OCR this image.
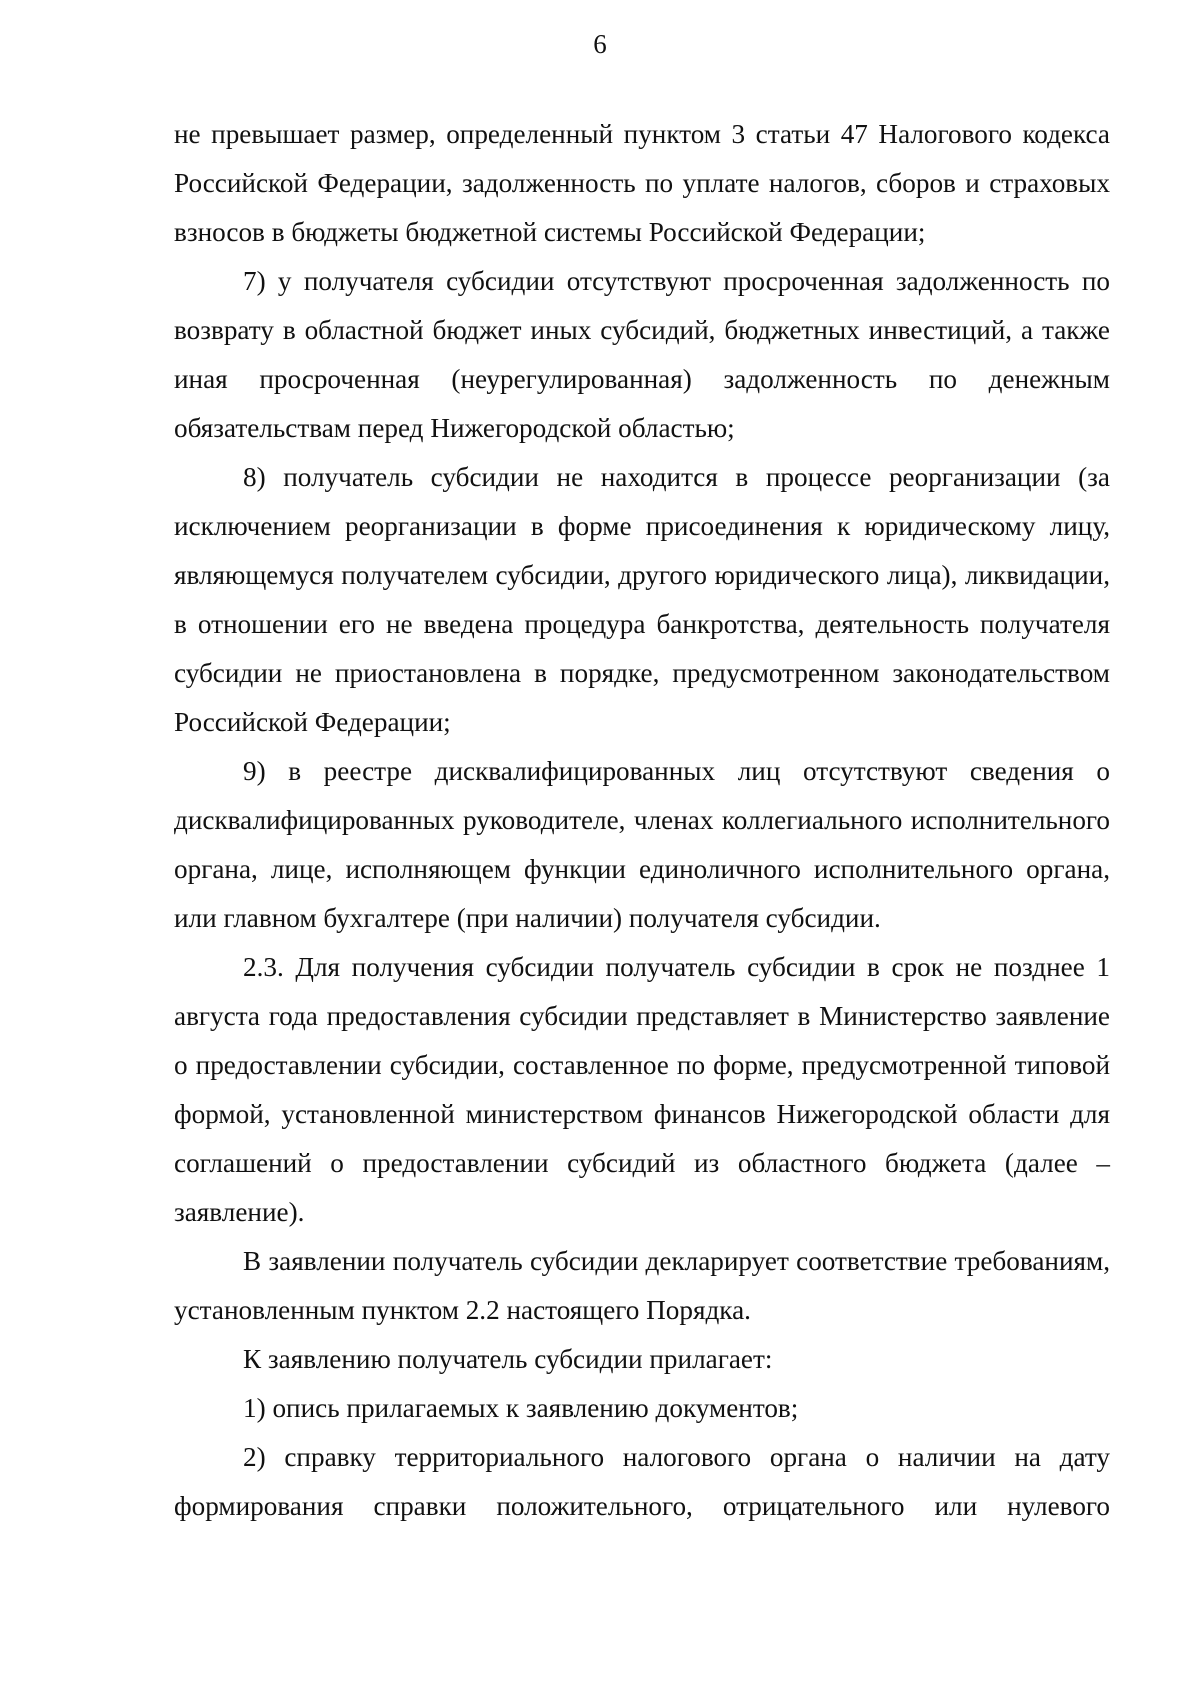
6

не превышает размер, определенный пунктом 3 статьи 47 Налогового кодекса Российской Федерации, задолженность по уплате налогов, сборов и страховых взносов в бюджеты бюджетной системы Российской Федерации;

7) у получателя субсидии отсутствуют просроченная задолженность по возврату в областной бюджет иных субсидий, бюджетных инвестиций, а также иная просроченная (неурегулированная) задолженность по денежным обязательствам перед Нижегородской областью;

8) получатель субсидии не находится в процессе реорганизации (за исключением реорганизации в форме присоединения к юридическому лицу, являющемуся получателем субсидии, другого юридического лица), ликвидации, в отношении его не введена процедура банкротства, деятельность получателя субсидии не приостановлена в порядке, предусмотренном законодательством Российской Федерации;

9) в реестре дисквалифицированных лиц отсутствуют сведения о дисквалифицированных руководителе, членах коллегиального исполнительного органа, лице, исполняющем функции единоличного исполнительного органа, или главном бухгалтере (при наличии) получателя субсидии.

2.3. Для получения субсидии получатель субсидии в срок не позднее 1 августа года предоставления субсидии представляет в Министерство заявление о предоставлении субсидии, составленное по форме, предусмотренной типовой формой, установленной министерством финансов Нижегородской области для соглашений о предоставлении субсидий из областного бюджета (далее – заявление).

В заявлении получатель субсидии декларирует соответствие требованиям, установленным пунктом 2.2 настоящего Порядка.

К заявлению получатель субсидии прилагает:

1) опись прилагаемых к заявлению документов;

2) справку территориального налогового органа о наличии на дату формирования справки положительного, отрицательного или нулевого
